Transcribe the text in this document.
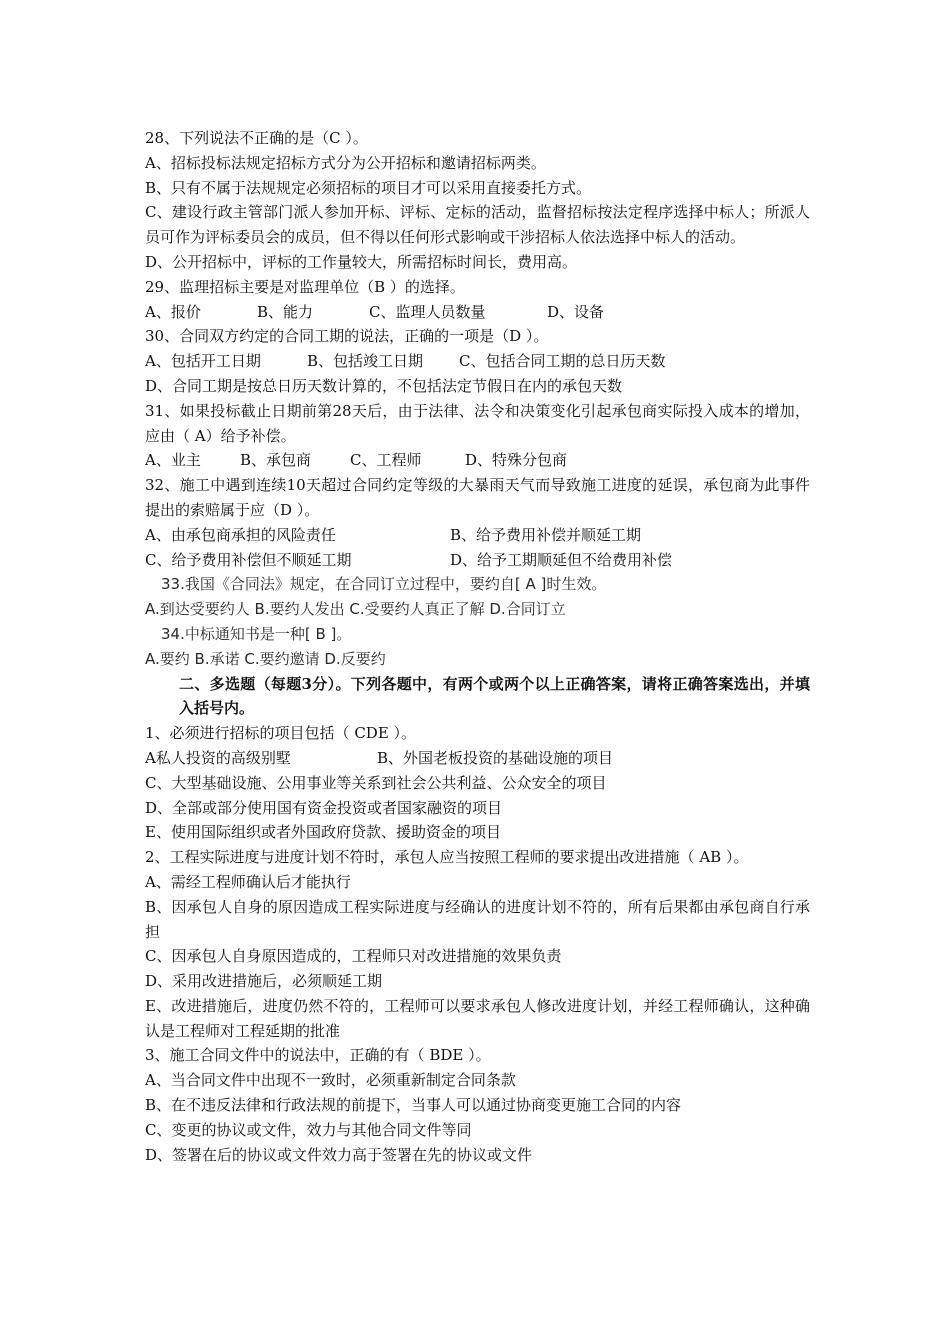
28、下列说法不正确的是（C ）。
A、招标投标法规定招标方式分为公开招标和邀请招标两类。
B、只有不属于法规规定必须招标的项目才可以采用直接委托方式。
C、建设行政主管部门派人参加开标、评标、定标的活动，监督招标按法定程序选择中标人；所派人员可作为评标委员会的成员，但不得以任何形式影响或干涉招标人依法选择中标人的活动。
D、公开招标中，评标的工作量较大，所需招标时间长，费用高。
29、监理招标主要是对监理单位（B ）的选择。
A、报价	B、能力	C、监理人员数量	D、设备
30、合同双方约定的合同工期的说法，正确的一项是（D ）。
A、包括开工日期	B、包括竣工日期 C、包括合同工期的总日历天数
D、合同工期是按总日历天数计算的，不包括法定节假日在内的承包天数
31、如果投标截止日期前第28天后，由于法律、法令和决策变化引起承包商实际投入成本的增加，应由（ A）给予补偿。
A、业主	B、承包商	C、工程师	D、特殊分包商
32、施工中遇到连续10天超过合同约定等级的大暴雨天气而导致施工进度的延误，承包商为此事件提出的索赔属于应（D ）。
A、由承包商承担的风险责任	B、给予费用补偿并顺延工期
C、给予费用补偿但不顺延工期	D、给予工期顺延但不给费用补偿
33.我国《合同法》规定，在合同订立过程中，要约自[ A ]时生效。
A.到达受要约人 B.要约人发出 C.受要约人真正了解 D.合同订立
34.中标通知书是一种[ B ]。
A.要约 B.承诺 C.要约邀请 D.反要约
二、多选题（每题3分）。下列各题中，有两个或两个以上正确答案，请将正确答案选出，并填入括号内。
1、必须进行招标的项目包括（ CDE ）。
A私人投资的高级别墅	B、外国老板投资的基础设施的项目
C、大型基础设施、公用事业等关系到社会公共利益、公众安全的项目
D、全部或部分使用国有资金投资或者国家融资的项目
E、使用国际组织或者外国政府贷款、援助资金的项目
2、工程实际进度与进度计划不符时，承包人应当按照工程师的要求提出改进措施（ AB ）。
A、需经工程师确认后才能执行
B、因承包人自身的原因造成工程实际进度与经确认的进度计划不符的，所有后果都由承包商自行承担
C、因承包人自身原因造成的，工程师只对改进措施的效果负责
D、采用改进措施后，必须顺延工期
E、改进措施后，进度仍然不符的，工程师可以要求承包人修改进度计划，并经工程师确认，这种确认是工程师对工程延期的批准
3、施工合同文件中的说法中，正确的有（ BDE ）。
A、当合同文件中出现不一致时，必须重新制定合同条款
B、在不违反法律和行政法规的前提下，当事人可以通过协商变更施工合同的内容
C、变更的协议或文件，效力与其他合同文件等同
D、签署在后的协议或文件效力高于签署在先的协议或文件
